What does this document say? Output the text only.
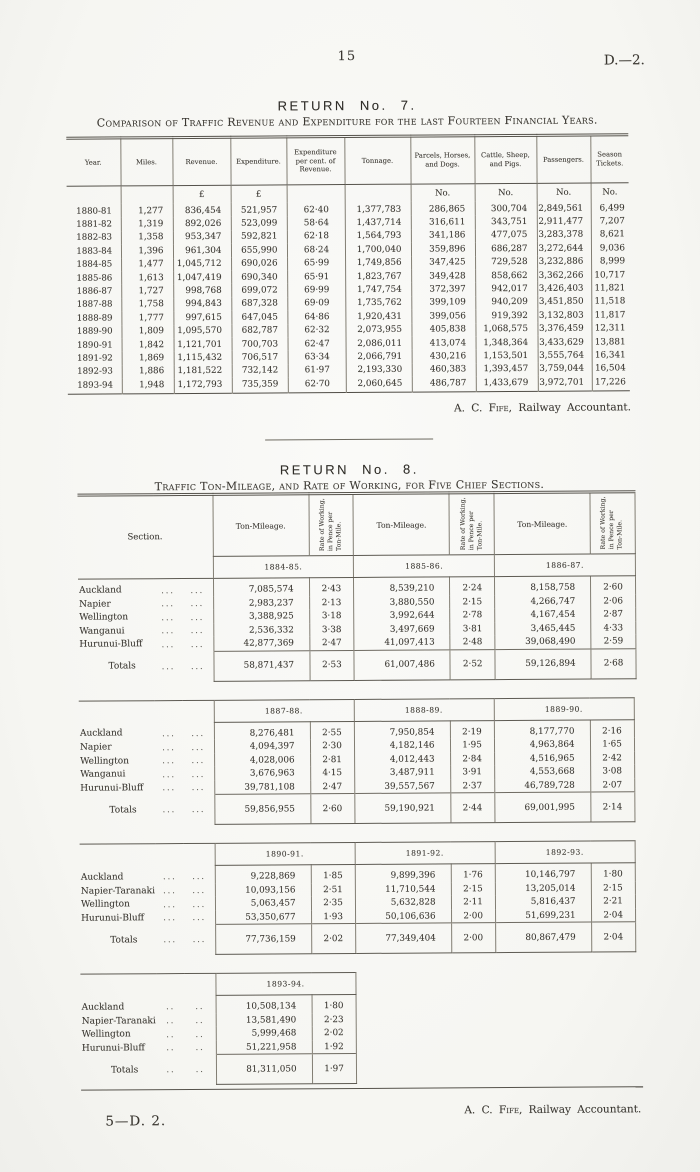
15	D.—2.
RETURN No. 7.
Comparison of Traffic Revenue and Expenditure for the last Fourteen Financial Years.
Year.	Miles.	Revenue.	Expenditure.	Expenditure per cent. of Revenue.	Tonnage.	Parcels, Horses, and Dogs.	Cattle, Sheep, and Pigs.	Passengers.	Season Tickets.
		£	£			No.	No.	No.	No.
1880-81	1,277	836,454	521,957	62·40	1,377,783	286,865	300,704	2,849,561	6,499
1881-82	1,319	892,026	523,099	58·64	1,437,714	316,611	343,751	2,911,477	7,207
1882-83	1,358	953,347	592,821	62·18	1,564,793	341,186	477,075	3,283,378	8,621
1883-84	1,396	961,304	655,990	68·24	1,700,040	359,896	686,287	3,272,644	9,036
1884-85	1,477	1,045,712	690,026	65·99	1,749,856	347,425	729,528	3,232,886	8,999
1885-86	1,613	1,047,419	690,340	65·91	1,823,767	349,428	858,662	3,362,266	10,717
1886-87	1,727	998,768	699,072	69·99	1,747,754	372,397	942,017	3,426,403	11,821
1887-88	1,758	994,843	687,328	69·09	1,735,762	399,109	940,209	3,451,850	11,518
1888-89	1,777	997,615	647,045	64·86	1,920,431	399,056	919,392	3,132,803	11,817
1889-90	1,809	1,095,570	682,787	62·32	2,073,955	405,838	1,068,575	3,376,459	12,311
1890-91	1,842	1,121,701	700,703	62·47	2,086,011	413,074	1,348,364	3,433,629	13,881
1891-92	1,869	1,115,432	706,517	63·34	2,066,791	430,216	1,153,501	3,555,764	16,341
1892-93	1,886	1,181,522	732,142	61·97	2,193,330	460,383	1,393,457	3,759,044	16,504
1893-94	1,948	1,172,793	735,359	62·70	2,060,645	486,787	1,433,679	3,972,701	17,226
A. C. Fife, Railway Accountant.
RETURN No. 8.
Traffic Ton-Mileage, and Rate of Working, for Five Chief Sections.
Section.			Ton-Mileage.	Rate of Working, in Pence per Ton-Mile.	Ton-Mileage.	Rate of Working, in Pence per Ton-Mile.	Ton-Mileage.	Rate of Working, in Pence per Ton-Mile.
			1884-85.		1885-86.		1886-87.	
Auckland	...	...	7,085,574	2·43	8,539,210	2·24	8,158,758	2·60
Napier	...	...	2,983,237	2·13	3,880,550	2·15	4,266,747	2·06
Wellington	...	...	3,388,925	3·18	3,992,644	2·78	4,167,454	2·87
Wanganui	...	...	2,536,332	3·38	3,497,669	3·81	3,465,445	4·33
Hurunui-Bluff	...	...	42,877,369	2·47	41,097,413	2·48	39,068,490	2·59
Totals	...	...	58,871,437	2·53	61,007,486	2·52	59,126,894	2·68
			1887-88.		1888-89.		1889-90.	
Auckland	...	...	8,276,481	2·55	7,950,854	2·19	8,177,770	2·16
Napier	...	...	4,094,397	2·30	4,182,146	1·95	4,963,864	1·65
Wellington	...	...	4,028,006	2·81	4,012,443	2·84	4,516,965	2·42
Wanganui	...	...	3,676,963	4·15	3,487,911	3·91	4,553,668	3·08
Hurunui-Bluff	...	...	39,781,108	2·47	39,557,567	2·37	46,789,728	2·07
Totals	...	...	59,856,955	2·60	59,190,921	2·44	69,001,995	2·14
			1890-91.		1891-92.		1892-93.	
Auckland	...	...	9,228,869	1·85	9,899,396	1·76	10,146,797	1·80
Napier-Taranaki	...	...	10,093,156	2·51	11,710,544	2·15	13,205,014	2·15
Wellington	...	...	5,063,457	2·35	5,632,828	2·11	5,816,437	2·21
Hurunui-Bluff	...	...	53,350,677	1·93	50,106,636	2·00	51,699,231	2·04
Totals	...	...	77,736,159	2·02	77,349,404	2·00	80,867,479	2·04
			1893-94.	
Auckland	..	..	10,508,134	1·80
Napier-Taranaki	..	..	13,581,490	2·23
Wellington	..	..	5,999,468	2·02
Hurunui-Bluff	..	..	51,221,958	1·92
Totals	..	..	81,311,050	1·97
5—D. 2.
A. C. Fife, Railway Accountant.
